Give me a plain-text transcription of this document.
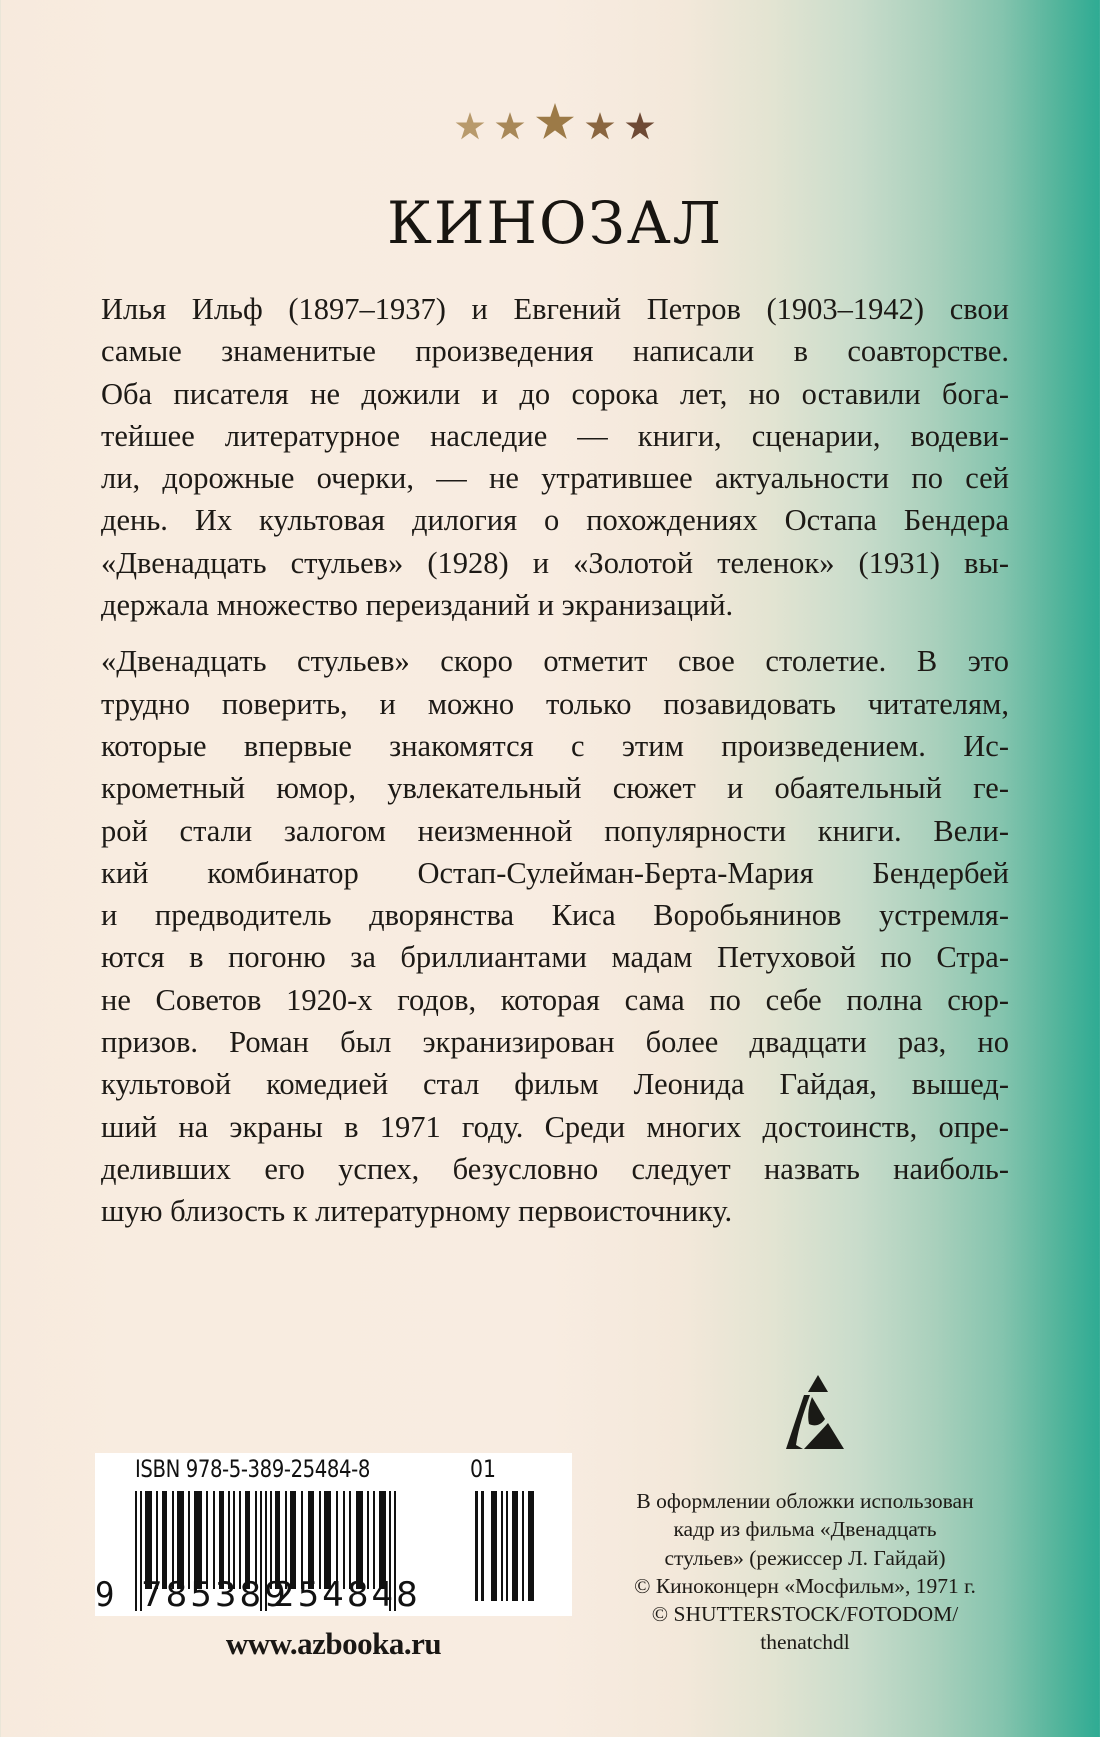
КИНОЗАЛ

Илья Ильф (1897–1937) и Евгений Петров (1903–1942) свои
самые знаменитые произведения написали в соавторстве.
Оба писателя не дожили и до сорока лет, но оставили бога-
тейшее литературное наследие — книги, сценарии, водеви-
ли, дорожные очерки, — не утратившее актуальности по сей
день. Их культовая дилогия о похождениях Остапа Бендера
«Двенадцать стульев» (1928) и «Золотой теленок» (1931) вы-
держала множество переизданий и экранизаций.

«Двенадцать стульев» скоро отметит свое столетие. В это
трудно поверить, и можно только позавидовать читателям,
которые впервые знакомятся с этим произведением. Ис-
крометный юмор, увлекательный сюжет и обаятельный ге-
рой стали залогом неизменной популярности книги. Вели-
кий комбинатор Остап-Сулейман-Берта-Мария Бендербей
и предводитель дворянства Киса Воробьянинов устремля-
ются в погоню за бриллиантами мадам Петуховой по Стра-
не Советов 1920-х годов, которая сама по себе полна сюр-
призов. Роман был экранизирован более двадцати раз, но
культовой комедией стал фильм Леонида Гайдая, вышед-
ший на экраны в 1971 году. Среди многих достоинств, опре-
деливших его успех, безусловно следует назвать наиболь-
шую близость к литературному первоисточнику.

ISBN 978-5-389-25484-8	01
9 785389
254848
www.azbooka.ru
В оформлении обложки использован
кадр из фильма «Двенадцать
стульев» (режиссер Л. Гайдай)
© Киноконцерн «Мосфильм», 1971 г.
© SHUTTERSTOCK/FOTODOM/
thenatchdl
